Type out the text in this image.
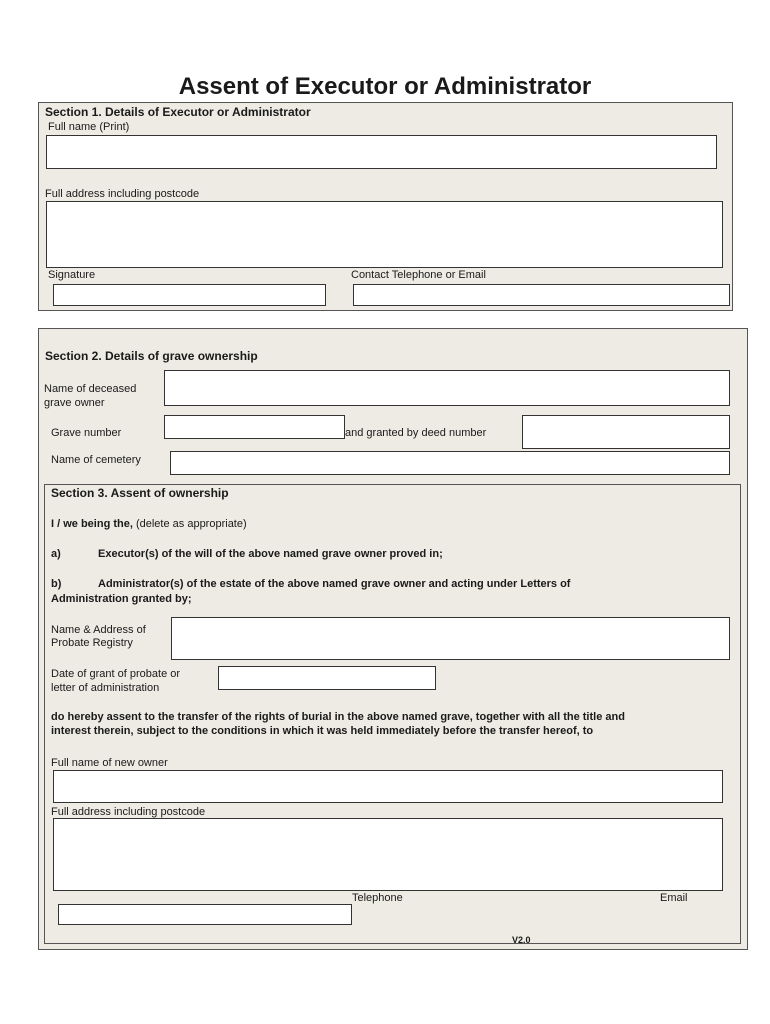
Assent of Executor or Administrator
Section 1. Details of Executor or Administrator
Full name (Print)
Full address including postcode
Signature	Contact Telephone or Email
Section 2. Details of grave ownership
Name of deceased
grave owner
Grave number	and granted by deed number
Name of cemetery
Section 3. Assent of ownership
I / we being the, (delete as appropriate)
a)	Executor(s) of the will of the above named grave owner proved in;
b)	Administrator(s) of the estate of the above named grave owner and acting under Letters of
Administration granted by;
Name & Address of
Probate Registry
Date of grant of probate or
letter of administration
do hereby assent to the transfer of the rights of burial in the above named grave, together with all the title and
interest therein, subject to the conditions in which it was held immediately before the transfer hereof, to
Full name of new owner
Full address including postcode
Telephone	Email
V2.0
